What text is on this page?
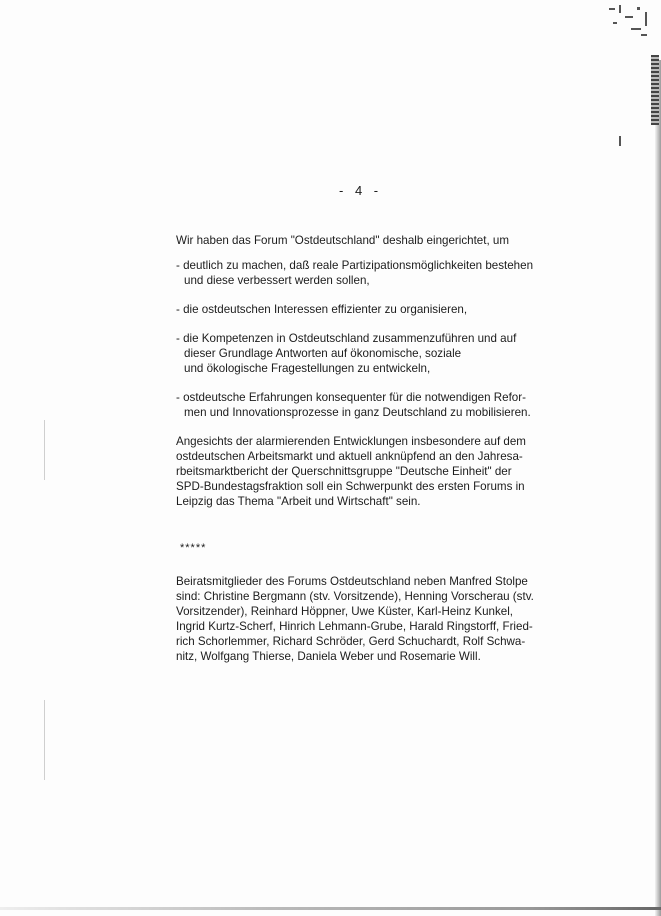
- 4 -

Wir haben das Forum "Ostdeutschland" deshalb eingerichtet, um

- deutlich zu machen, daß reale Partizipationsmöglichkeiten bestehen
und diese verbessert werden sollen,
- die ostdeutschen Interessen effizienter zu organisieren,
- die Kompetenzen in Ostdeutschland zusammenzuführen und auf
dieser Grundlage Antworten auf ökonomische, soziale
und ökologische Fragestellungen zu entwickeln,
- ostdeutsche Erfahrungen konsequenter für die notwendigen Refor-
men und Innovationsprozesse in ganz Deutschland zu mobilisieren.
Angesichts der alarmierenden Entwicklungen insbesondere auf dem
ostdeutschen Arbeitsmarkt und aktuell anknüpfend an den Jahresa-
rbeitsmarktbericht der Querschnittsgruppe "Deutsche Einheit" der
SPD-Bundestagsfraktion soll ein Schwerpunkt des ersten Forums in
Leipzig das Thema "Arbeit und Wirtschaft" sein.
*****
Beiratsmitglieder des Forums Ostdeutschland neben Manfred Stolpe
sind: Christine Bergmann (stv. Vorsitzende), Henning Vorscherau (stv.
Vorsitzender), Reinhard Höppner, Uwe Küster, Karl-Heinz Kunkel,
Ingrid Kurtz-Scherf, Hinrich Lehmann-Grube, Harald Ringstorff, Fried-
rich Schorlemmer, Richard Schröder, Gerd Schuchardt, Rolf Schwa-
nitz, Wolfgang Thierse, Daniela Weber und Rosemarie Will.
